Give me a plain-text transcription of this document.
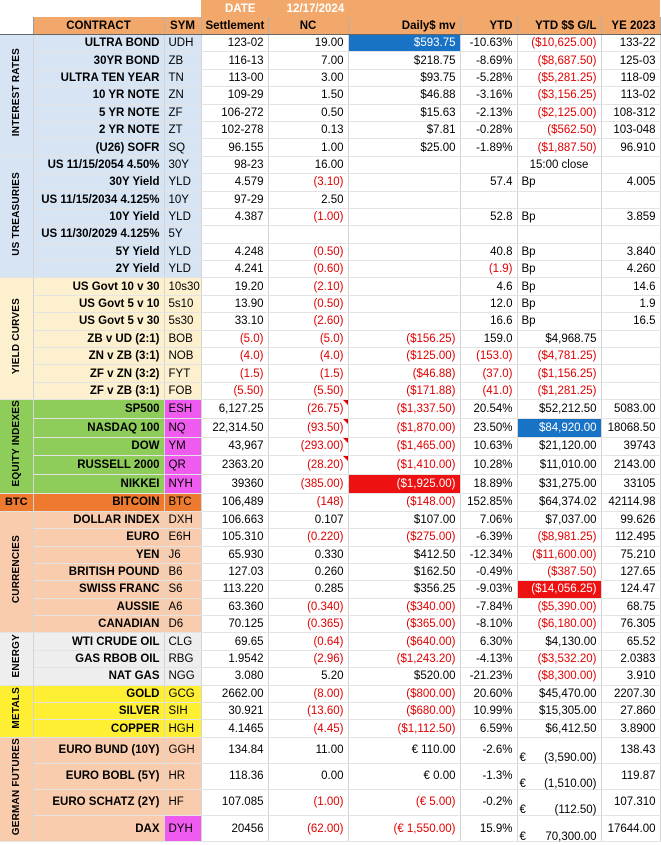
			DATE 12/17/2024					
	CONTRACT	SYM	Settlement	NC	Daily$ mv	YTD	YTD $$ G/L	YE 2023
INTEREST RATES	ULTRA BOND	UDH	123-02	19.00	$593.75	-10.63%	($10,625.00)	133-22
	30YR BOND	ZB	116-13	7.00	$218.75	-8.69%	($8,687.50)	125-03
	ULTRA TEN YEAR	TN	113-00	3.00	$93.75	-5.28%	($5,281.25)	118-09
	10 YR NOTE	ZN	109-29	1.50	$46.88	-3.16%	($3,156.25)	113-02
	5 YR NOTE	ZF	106-272	0.50	$15.63	-2.13%	($2,125.00)	108-312
	2 YR NOTE	ZT	102-278	0.13	$7.81	-0.28%	($562.50)	103-048
	(U26) SOFR	SQ	96.155	1.00	$25.00	-1.89%	($1,887.50)	96.910
US TREASURIES	US 11/15/2054 4.50%	30Y	98-23	16.00			15:00 close	
	30Y Yield	YLD	4.579	(3.10)		57.4	Bp	4.005
	US 11/15/2034 4.125%	10Y	97-29	2.50				
	10Y Yield	YLD	4.387	(1.00)		52.8	Bp	3.859
	US 11/30/2029 4.125%	5Y						
	5Y Yield	YLD	4.248	(0.50)		40.8	Bp	3.840
	2Y Yield	YLD	4.241	(0.60)		(1.9)	Bp	4.260
YIELD CURVES	US Govt 10 v 30	10s30	19.20	(2.10)		4.6	Bp	14.6
	US Govt 5 v 10	5s10	13.90	(0.50)		12.0	Bp	1.9
	US Govt 5 v 30	5s30	33.10	(2.60)		16.6	Bp	16.5
	ZB v UD (2:1)	BOB	(5.0)	(5.0)	($156.25)	159.0	$4,968.75	
	ZN v ZB (3:1)	NOB	(4.0)	(4.0)	($125.00)	(153.0)	($4,781.25)	
	ZF v ZN (3:2)	FYT	(1.5)	(1.5)	($46.88)	(37.0)	($1,156.25)	
	ZF v ZB (3:1)	FOB	(5.50)	(5.50)	($171.88)	(41.0)	($1,281.25)	
EQUITY INDEXES	SP500	ESH	6,127.25	(26.75)	($1,337.50)	20.54%	$52,212.50	5083.00
	NASDAQ 100	NQ	22,314.50	(93.50)	($1,870.00)	23.50%	$84,920.00	18068.50
	DOW	YM	43,967	(293.00)	($1,465.00)	10.63%	$21,120.00	39743
	RUSSELL 2000	QR	2363.20	(28.20)	($1,410.00)	10.28%	$11,010.00	2143.00
	NIKKEI	NYH	39360	(385.00)	($1,925.00)	18.89%	$31,275.00	33105
BTC	BITCOIN	BTC	106,489	(148)	($148.00)	152.85%	$64,374.02	42114.98
CURRENCIES	DOLLAR INDEX	DXH	106.663	0.107	$107.00	7.06%	$7,037.00	99.626
	EURO	E6H	105.310	(0.220)	($275.00)	-6.39%	($8,981.25)	112.495
	YEN	J6	65.930	0.330	$412.50	-12.34%	($11,600.00)	75.210
	BRITISH POUND	B6	127.03	0.260	$162.50	-0.49%	($387.50)	127.65
	SWISS FRANC	S6	113.220	0.285	$356.25	-9.03%	($14,056.25)	124.47
	AUSSIE	A6	63.360	(0.340)	($340.00)	-7.84%	($5,390.00)	68.75
	CANADIAN	D6	70.125	(0.365)	($365.00)	-8.10%	($6,180.00)	76.305
ENERGY	WTI CRUDE OIL	CLG	69.65	(0.64)	($640.00)	6.30%	$4,130.00	65.52
	GAS RBOB OIL	RBG	1.9542	(2.96)	($1,243.20)	-4.13%	($3,532.20)	2.0383
	NAT GAS	NGG	3.080	5.20	$520.00	-21.23%	($8,300.00)	3.910
METALS	GOLD	GCG	2662.00	(8.00)	($800.00)	20.60%	$45,470.00	2207.30
	SILVER	SIH	30.921	(13.60)	($680.00)	10.99%	$15,305.00	27.860
	COPPER	HGH	4.1465	(4.45)	($1,112.50)	6.59%	$6,412.50	3.8900
GERMAN FUTURES	EURO BUND (10Y)	GGH	134.84	11.00	€ 110.00	-2.6%	€ (3,590.00)	138.43
	EURO BOBL (5Y)	HR	118.36	0.00	€ 0.00	-1.3%	€ (1,510.00)	119.87
	EURO SCHATZ (2Y)	HF	107.085	(1.00)	(€ 5.00)	-0.2%	€ (112.50)	107.310
	DAX	DYH	20456	(62.00)	(€ 1,550.00)	15.9%	€ 70,300.00	17644.00
